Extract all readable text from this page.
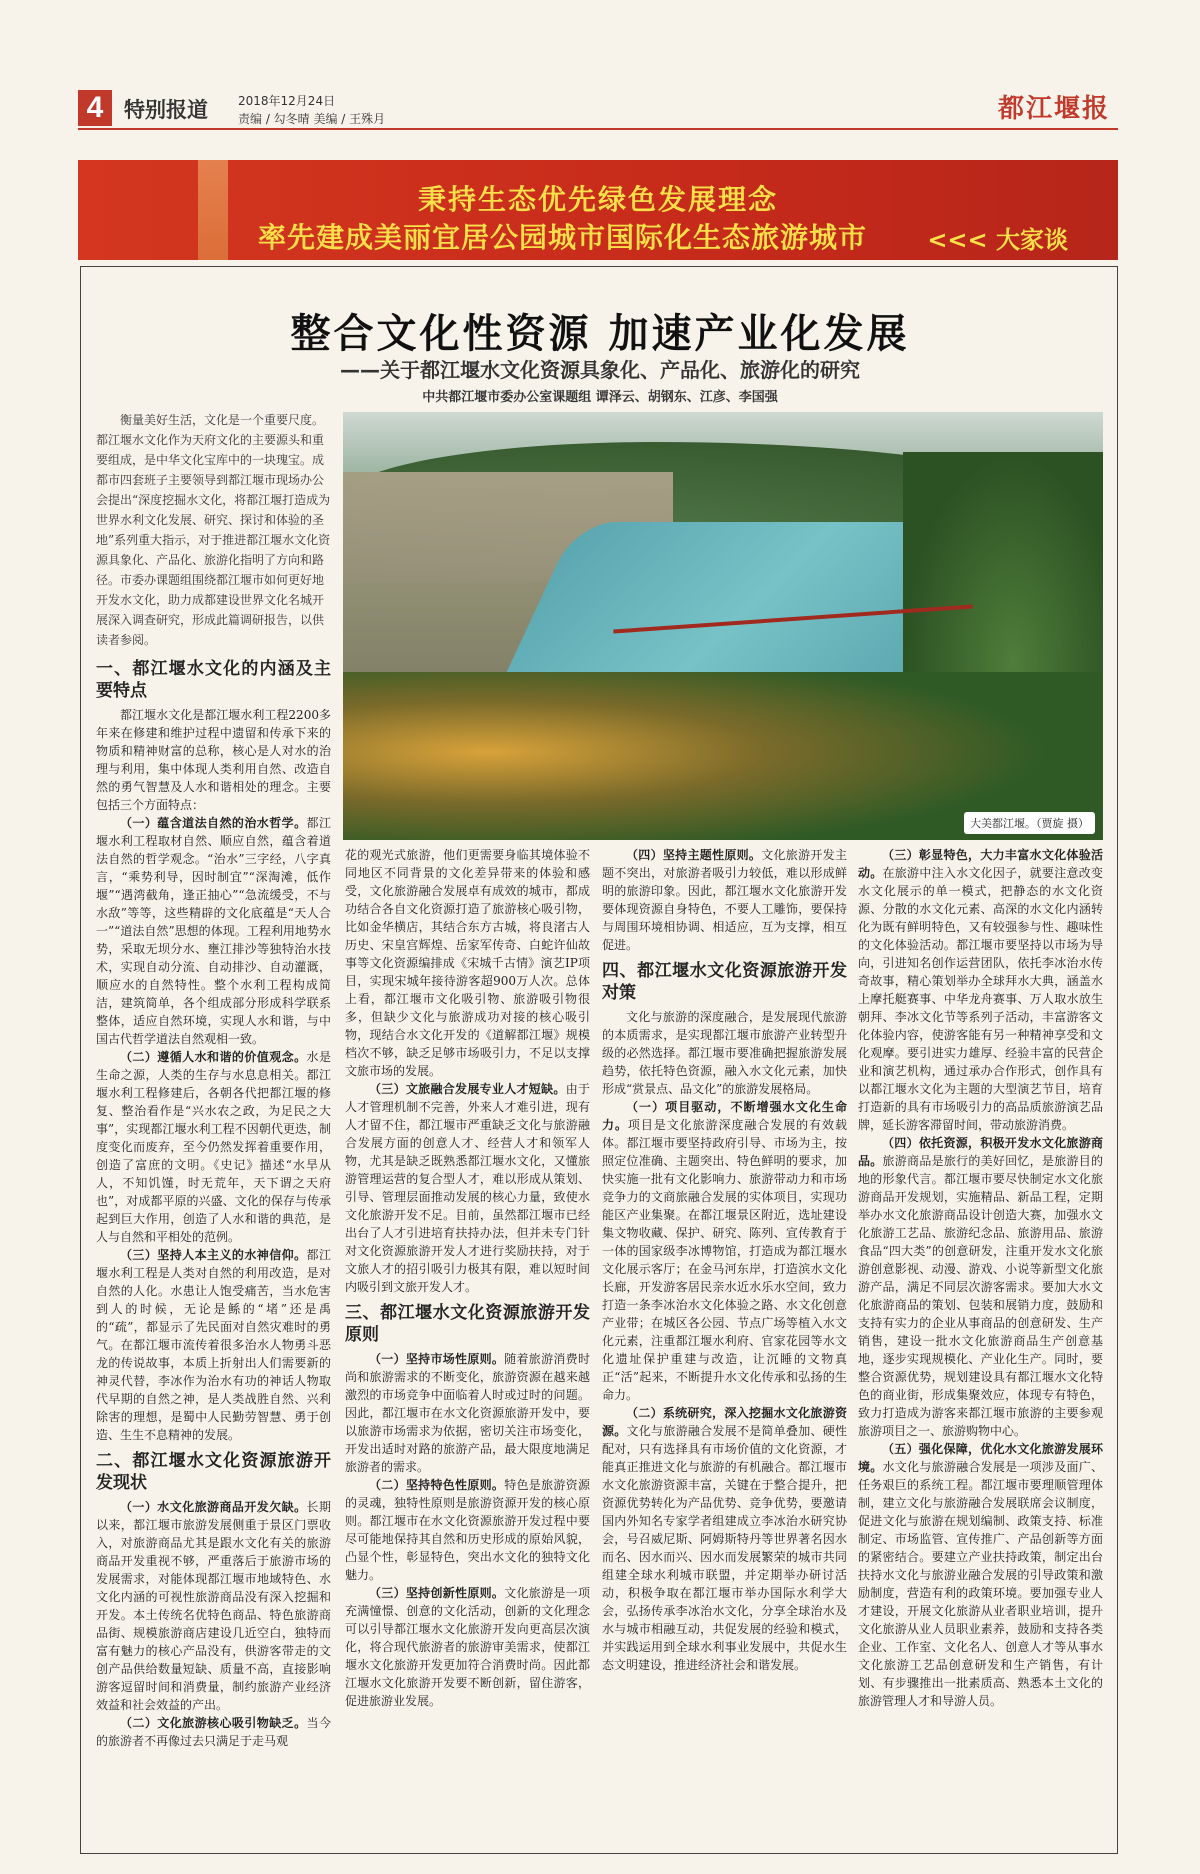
4 特别报道	2018年12月24日
责编 / 勾冬晴 美编 / 王殊月	都江堰报
秉持生态优先绿色发展理念
率先建成美丽宜居公园城市国际化生态旅游城市	<<< 大家谈
整合文化性资源 加速产业化发展
——关于都江堰水文化资源具象化、产品化、旅游化的研究
中共都江堰市委办公室课题组 谭泽云、胡钢东、江彦、李国强
衡量美好生活，文化是一个重要尺度。都江堰水文化作为天府文化的主要源头和重要组成，是中华文化宝库中的一块瑰宝。成都市四套班子主要领导到都江堰市现场办公会提出“深度挖掘水文化，将都江堰打造成为世界水利文化发展、研究、探讨和体验的圣地”系列重大指示，对于推进都江堰水文化资源具象化、产品化、旅游化指明了方向和路径。市委办课题组围绕都江堰市如何更好地开发水文化，助力成都建设世界文化名城开展深入调查研究，形成此篇调研报告，以供读者参阅。
大美都江堰。（贾旋 摄）
一、都江堰水文化的内涵及主要特点

都江堰水文化是都江堰水利工程2200多年来在修建和维护过程中遗留和传承下来的物质和精神财富的总称，核心是人对水的治理与利用，集中体现人类利用自然、改造自然的勇气智慧及人水和谐相处的理念。主要包括三个方面特点：

（一）蕴含道法自然的治水哲学。都江堰水利工程取材自然、顺应自然，蕴含着道法自然的哲学观念。“治水”三字经，八字真言，“乘势利导，因时制宜”“深淘滩，低作堰”“遇湾截角，逢正抽心”“急流缓受，不与水敌”等等，这些精辟的文化底蕴是“天人合一”“道法自然”思想的体现。工程利用地势水势，采取无坝分水、壅江排沙等独特治水技术，实现自动分流、自动排沙、自动灌溉，顺应水的自然特性。整个水利工程构成简洁，建筑简单，各个组成部分形成科学联系整体，适应自然环境，实现人水和谐，与中国古代哲学道法自然观相一致。

（二）遵循人水和谐的价值观念。水是生命之源，人类的生存与水息息相关。都江堰水利工程修建后，各朝各代把都江堰的修复、整治看作是“兴水农之政，为足民之大事”，实现都江堰水利工程不因朝代更迭，制度变化而废弃，至今仍然发挥着重要作用，创造了富庶的文明。《史记》描述“水旱从人，不知饥馑，时无荒年，天下谓之天府也”，对成都平原的兴盛、文化的保存与传承起到巨大作用，创造了人水和谐的典范，是人与自然和平相处的范例。

（三）坚持人本主义的水神信仰。都江堰水利工程是人类对自然的利用改造，是对自然的人化。水患让人饱受痛苦，当水危害到人的时候，无论是鲧的“堵”还是禹的“疏”，都显示了先民面对自然灾难时的勇气。在都江堰市流传着很多治水人物勇斗恶龙的传说故事，本质上折射出人们需要新的神灵代替，李冰作为治水有功的神话人物取代早期的自然之神，是人类战胜自然、兴利除害的理想，是蜀中人民勤劳智慧、勇于创造、生生不息精神的发展。

二、都江堰水文化资源旅游开发现状

（一）水文化旅游商品开发欠缺。长期以来，都江堰市旅游发展侧重于景区门票收入，对旅游商品尤其是跟水文化有关的旅游商品开发重视不够，严重落后于旅游市场的发展需求，对能体现都江堰市地域特色、水文化内涵的可视性旅游商品没有深入挖掘和开发。本土传统名优特色商品、特色旅游商品街、规模旅游商店建设几近空白，独特而富有魅力的核心产品没有，供游客带走的文创产品供给数量短缺、质量不高，直接影响游客逗留时间和消费量，制约旅游产业经济效益和社会效益的产出。

（二）文化旅游核心吸引物缺乏。当今的旅游者不再像过去只满足于走马观

花的观光式旅游，他们更需要身临其境体验不同地区不同背景的文化差异带来的体验和感受，文化旅游融合发展卓有成效的城市，都成功结合各自文化资源打造了旅游核心吸引物，比如金华横店，其结合东方古城，将良渚古人历史、宋皇宫辉煌、岳家军传奇、白蛇许仙故事等文化资源编排成《宋城千古情》演艺IP项目，实现宋城年接待游客超900万人次。总体上看，都江堰市文化吸引物、旅游吸引物很多，但缺少文化与旅游成功对接的核心吸引物，现结合水文化开发的《道解都江堰》规模档次不够，缺乏足够市场吸引力，不足以支撑文旅市场的发展。

（三）文旅融合发展专业人才短缺。由于人才管理机制不完善，外来人才难引进，现有人才留不住，都江堰市严重缺乏文化与旅游融合发展方面的创意人才、经营人才和领军人物，尤其是缺乏既熟悉都江堰水文化，又懂旅游管理运营的复合型人才，难以形成从策划、引导、管理层面推动发展的核心力量，致使水文化旅游开发不足。目前，虽然都江堰市已经出台了人才引进培育扶持办法，但并未专门针对文化资源旅游开发人才进行奖励扶持，对于文旅人才的招引吸引力极其有限，难以短时间内吸引到文旅开发人才。

三、都江堰水文化资源旅游开发原则

（一）坚持市场性原则。随着旅游消费时尚和旅游需求的不断变化，旅游资源在越来越激烈的市场竞争中面临着人时或过时的问题。因此，都江堰市在水文化资源旅游开发中，要以旅游市场需求为依据，密切关注市场变化，开发出适时对路的旅游产品，最大限度地满足旅游者的需求。

（二）坚持特色性原则。特色是旅游资源的灵魂，独特性原则是旅游资源开发的核心原则。都江堰市在水文化资源旅游开发过程中要尽可能地保持其自然和历史形成的原始风貌，凸显个性，彰显特色，突出水文化的独特文化魅力。

（三）坚持创新性原则。文化旅游是一项充满憧憬、创意的文化活动，创新的文化理念可以引导都江堰水文化旅游开发向更高层次演化，将合现代旅游者的旅游审美需求，使都江堰水文化旅游开发更加符合消费时尚。因此都江堰水文化旅游开发要不断创新，留住游客，促进旅游业发展。

（四）坚持主题性原则。文化旅游开发主题不突出，对旅游者吸引力较低，难以形成鲜明的旅游印象。因此，都江堰水文化旅游开发要体现资源自身特色，不要人工雕饰，要保持与周围环境相协调、相适应，互为支撑，相互促进。

四、都江堰水文化资源旅游开发对策

文化与旅游的深度融合，是发展现代旅游的本质需求，是实现都江堰市旅游产业转型升级的必然选择。都江堰市要准确把握旅游发展趋势，依托特色资源，融入水文化元素，加快形成“赏景点、品文化”的旅游发展格局。

（一）项目驱动，不断增强水文化生命力。项目是文化旅游深度融合发展的有效载体。都江堰市要坚持政府引导、市场为主，按照定位准确、主题突出、特色鲜明的要求，加快实施一批有文化影响力、旅游带动力和市场竞争力的文商旅融合发展的实体项目，实现功能区产业集聚。在都江堰景区附近，选址建设集文物收藏、保护、研究、陈列、宣传教育于一体的国家级李冰博物馆，打造成为都江堰水文化展示客厅；在金马河东岸，打造滨水文化长廊，开发游客居民亲水近水乐水空间，致力打造一条李冰治水文化体验之路、水文化创意产业带；在城区各公园、节点广场等植入水文化元素，注重都江堰水利府、官家花园等水文化遗址保护重建与改造，让沉睡的文物真正“活”起来，不断提升水文化传承和弘扬的生命力。

（二）系统研究，深入挖掘水文化旅游资源。文化与旅游融合发展不是简单叠加、硬性配对，只有选择具有市场价值的文化资源，才能真正推进文化与旅游的有机融合。都江堰市水文化旅游资源丰富，关键在于整合提升，把资源优势转化为产品优势、竞争优势，要邀请国内外知名专家学者组建成立李冰治水研究协会，号召威尼斯、阿姆斯特丹等世界著名因水而名、因水而兴、因水而发展繁荣的城市共同组建全球水利城市联盟，并定期举办研讨活动，积极争取在都江堰市举办国际水利学大会，弘扬传承李冰治水文化，分享全球治水及水与城市相融互动，共促发展的经验和模式，并实践运用到全球水利事业发展中，共促水生态文明建设，推进经济社会和谐发展。

（三）彰显特色，大力丰富水文化体验活动。在旅游中注入水文化因子，就要注意改变水文化展示的单一模式，把静态的水文化资源、分散的水文化元素、高深的水文化内涵转化为既有鲜明特色，又有较强参与性、趣味性的文化体验活动。都江堰市要坚持以市场为导向，引进知名创作运营团队，依托李冰治水传奇故事，精心策划举办全球拜水大典，涵盖水上摩托艇赛事、中华龙舟赛事、万人取水放生朝拜、李冰文化节等系列子活动，丰富游客文化体验内容，使游客能有另一种精神享受和文化观摩。要引进实力雄厚、经验丰富的民营企业和演艺机构，通过承办合作形式，创作具有以都江堰水文化为主题的大型演艺节目，培育打造新的具有市场吸引力的高品质旅游演艺品牌，延长游客滞留时间，带动旅游消费。

（四）依托资源，积极开发水文化旅游商品。旅游商品是旅行的美好回忆，是旅游目的地的形象代言。都江堰市要尽快制定水文化旅游商品开发规划，实施精品、新品工程，定期举办水文化旅游商品设计创造大赛，加强水文化旅游工艺品、旅游纪念品、旅游用品、旅游食品“四大类”的创意研发，注重开发水文化旅游创意影视、动漫、游戏、小说等新型文化旅游产品，满足不同层次游客需求。要加大水文化旅游商品的策划、包装和展销力度，鼓励和支持有实力的企业从事商品的创意研发、生产销售，建设一批水文化旅游商品生产创意基地，逐步实现规模化、产业化生产。同时，要整合资源优势，规划建设具有都江堰水文化特色的商业街，形成集聚效应，体现专有特色，致力打造成为游客来都江堰市旅游的主要参观旅游项目之一、旅游购物中心。

（五）强化保障，优化水文化旅游发展环境。水文化与旅游融合发展是一项涉及面广、任务艰巨的系统工程。都江堰市要理顺管理体制，建立文化与旅游融合发展联席会议制度，促进文化与旅游在规划编制、政策支持、标准制定、市场监管、宣传推广、产品创新等方面的紧密结合。要建立产业扶持政策，制定出台扶持水文化与旅游业融合发展的引导政策和激励制度，营造有利的政策环境。要加强专业人才建设，开展文化旅游从业者职业培训，提升文化旅游从业人员职业素养，鼓励和支持各类企业、工作室、文化名人、创意人才等从事水文化旅游工艺品创意研发和生产销售，有计划、有步骤推出一批素质高、熟悉本土文化的旅游管理人才和导游人员。
